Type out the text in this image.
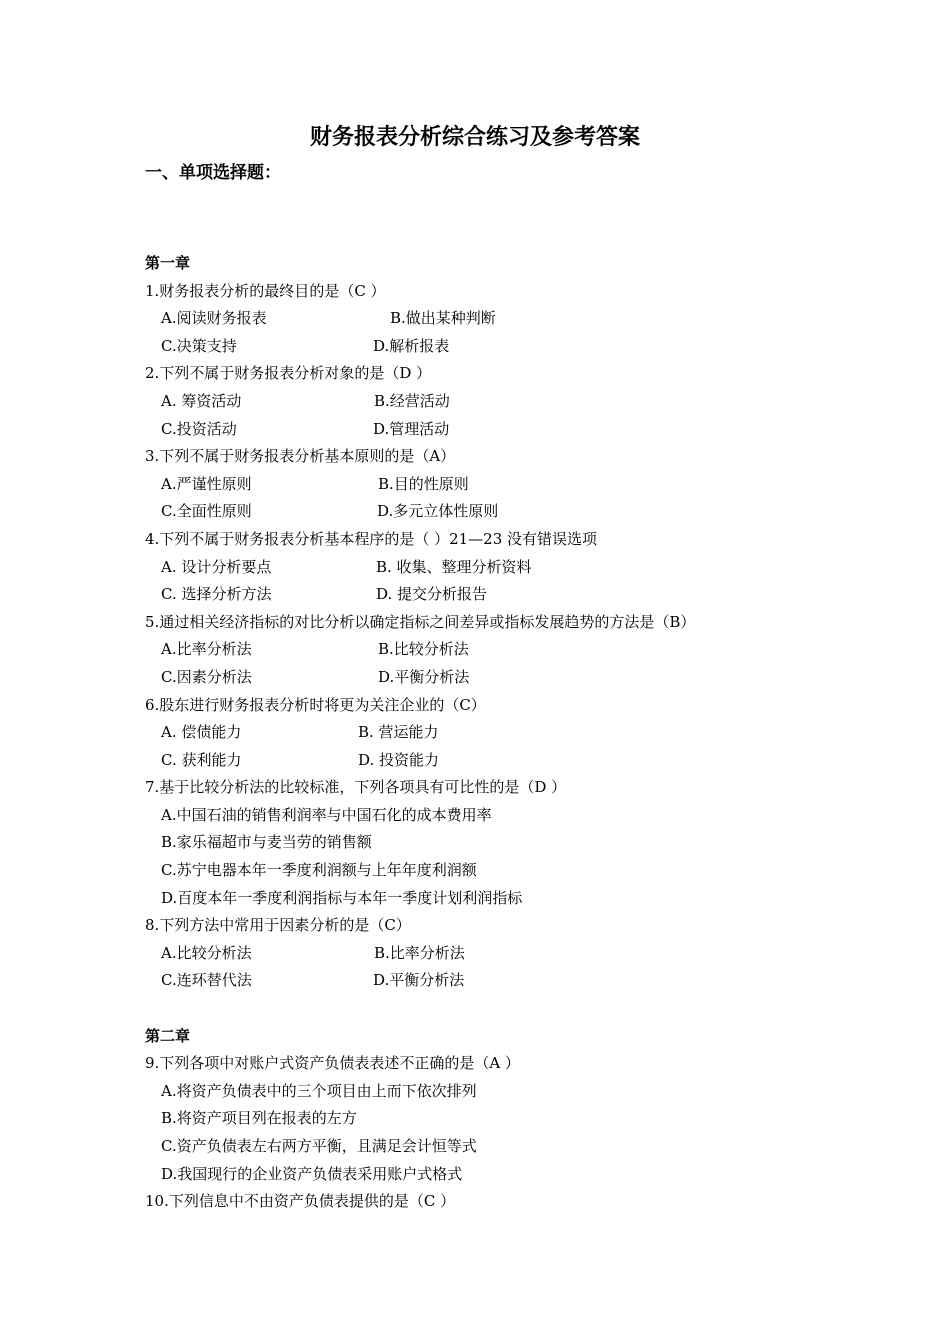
财务报表分析综合练习及参考答案
一、单项选择题：
第一章
1.财务报表分析的最终目的是（C ）
A.阅读财务报表	B.做出某种判断
C.决策支持	D.解析报表
2.下列不属于财务报表分析对象的是（D ）
A. 筹资活动	B.经营活动
C.投资活动	D.管理活动
3.下列不属于财务报表分析基本原则的是（A）
A.严谨性原则	B.目的性原则
C.全面性原则	D.多元立体性原则
4.下列不属于财务报表分析基本程序的是（ ）21—23 没有错误选项
A. 设计分析要点	B. 收集、整理分析资料
C. 选择分析方法	D. 提交分析报告
5.通过相关经济指标的对比分析以确定指标之间差异或指标发展趋势的方法是（B）
A.比率分析法	B.比较分析法
C.因素分析法	D.平衡分析法
6.股东进行财务报表分析时将更为关注企业的（C）
A. 偿债能力	B. 营运能力
C. 获利能力	D. 投资能力
7.基于比较分析法的比较标准，下列各项具有可比性的是（D ）
A.中国石油的销售利润率与中国石化的成本费用率
B.家乐福超市与麦当劳的销售额
C.苏宁电器本年一季度利润额与上年年度利润额
D.百度本年一季度利润指标与本年一季度计划利润指标
8.下列方法中常用于因素分析的是（C）
A.比较分析法	B.比率分析法
C.连环替代法	D.平衡分析法
第二章
9.下列各项中对账户式资产负债表表述不正确的是（A ）
A.将资产负债表中的三个项目由上而下依次排列
B.将资产项目列在报表的左方
C.资产负债表左右两方平衡，且满足会计恒等式
D.我国现行的企业资产负债表采用账户式格式
10.下列信息中不由资产负债表提供的是（C ）
